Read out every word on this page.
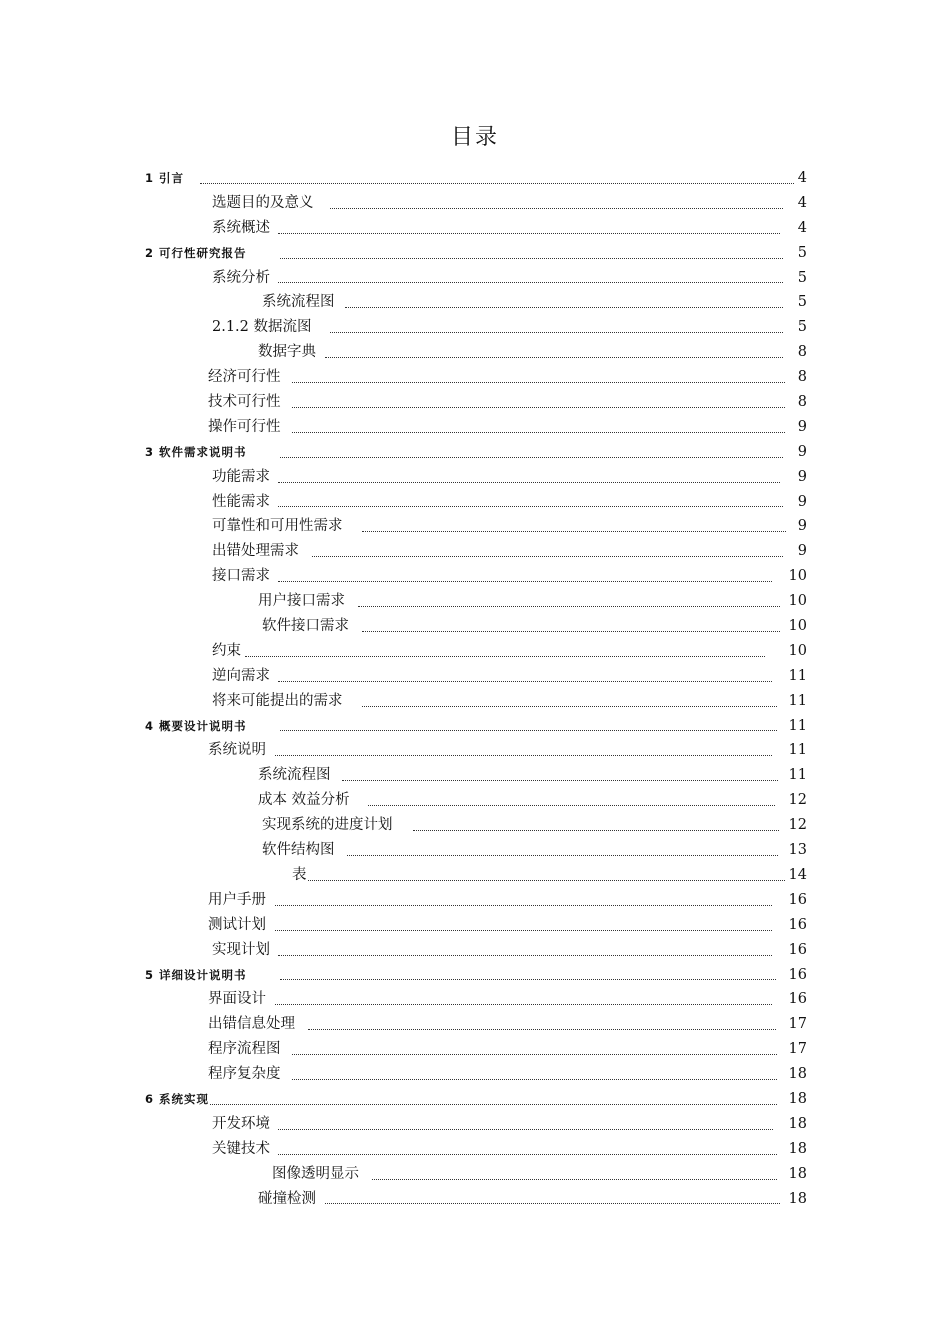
目录
1 引言	4
选题目的及意义	4
系统概述	4
2 可行性研究报告	5
系统分析	5
系统流程图	5
2.1.2 数据流图	5
数据字典	8
经济可行性	8
技术可行性	8
操作可行性	9
3 软件需求说明书	9
功能需求	9
性能需求	9
可靠性和可用性需求	9
出错处理需求	9
接口需求	10
用户接口需求	10
软件接口需求	10
约束	10
逆向需求	11
将来可能提出的需求	11
4 概要设计说明书	11
系统说明	11
系统流程图	11
成本 效益分析	12
实现系统的进度计划	12
软件结构图	13
表	14
用户手册	16
测试计划	16
实现计划	16
5 详细设计说明书	16
界面设计	16
出错信息处理	17
程序流程图	17
程序复杂度	18
6 系统实现	18
开发环境	18
关键技术	18
图像透明显示	18
碰撞检测	18
